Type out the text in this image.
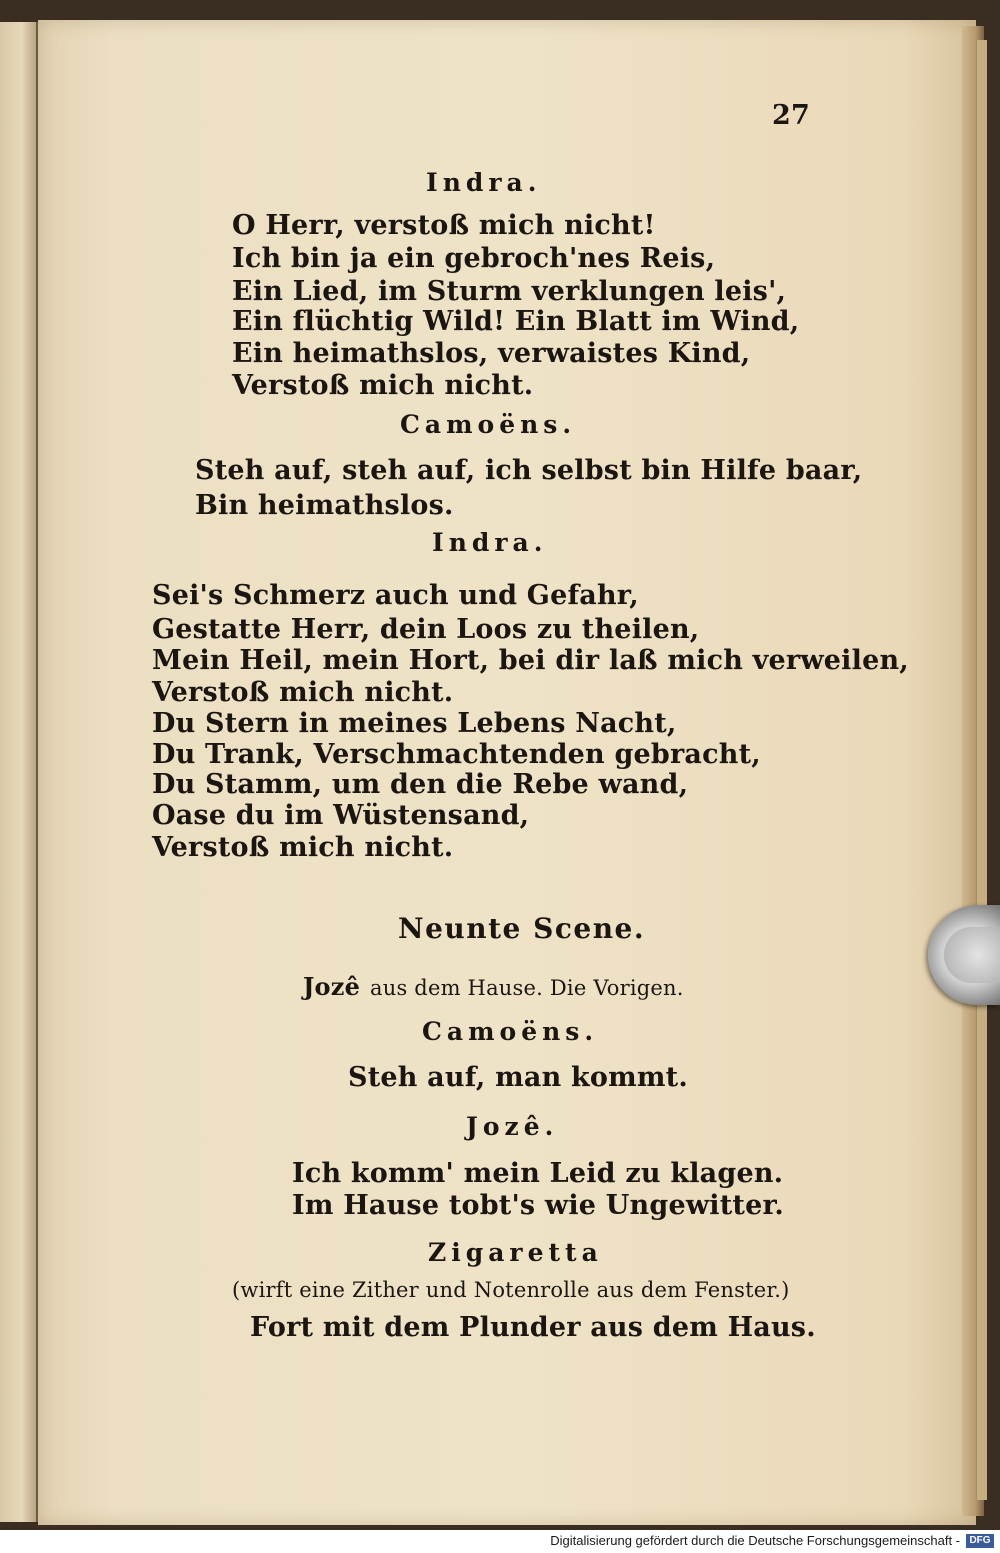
27
Indra.
O Herr, verstoß mich nicht!
Ich bin ja ein gebroch'nes Reis,
Ein Lied, im Sturm verklungen leis',
Ein flüchtig Wild! Ein Blatt im Wind,
Ein heimathslos, verwaistes Kind,
Verstoß mich nicht.
Camoëns.
Steh auf, steh auf, ich selbst bin Hilfe baar,
Bin heimathslos.
Indra.
Sei's Schmerz auch und Gefahr,
Gestatte Herr, dein Loos zu theilen,
Mein Heil, mein Hort, bei dir laß mich verweilen,
Verstoß mich nicht.
Du Stern in meines Lebens Nacht,
Du Trank, Verschmachtenden gebracht,
Du Stamm, um den die Rebe wand,
Oase du im Wüstensand,
Verstoß mich nicht.
Neunte Scene.
Jozê aus dem Hause. Die Vorigen.
Camoëns.
Steh auf, man kommt.
Jozê.
Ich komm' mein Leid zu klagen.
Im Hause tobt's wie Ungewitter.
Zigaretta
(wirft eine Zither und Notenrolle aus dem Fenster.)
Fort mit dem Plunder aus dem Haus.
Digitalisierung gefördert durch die Deutsche Forschungsgemeinschaft - DFG
